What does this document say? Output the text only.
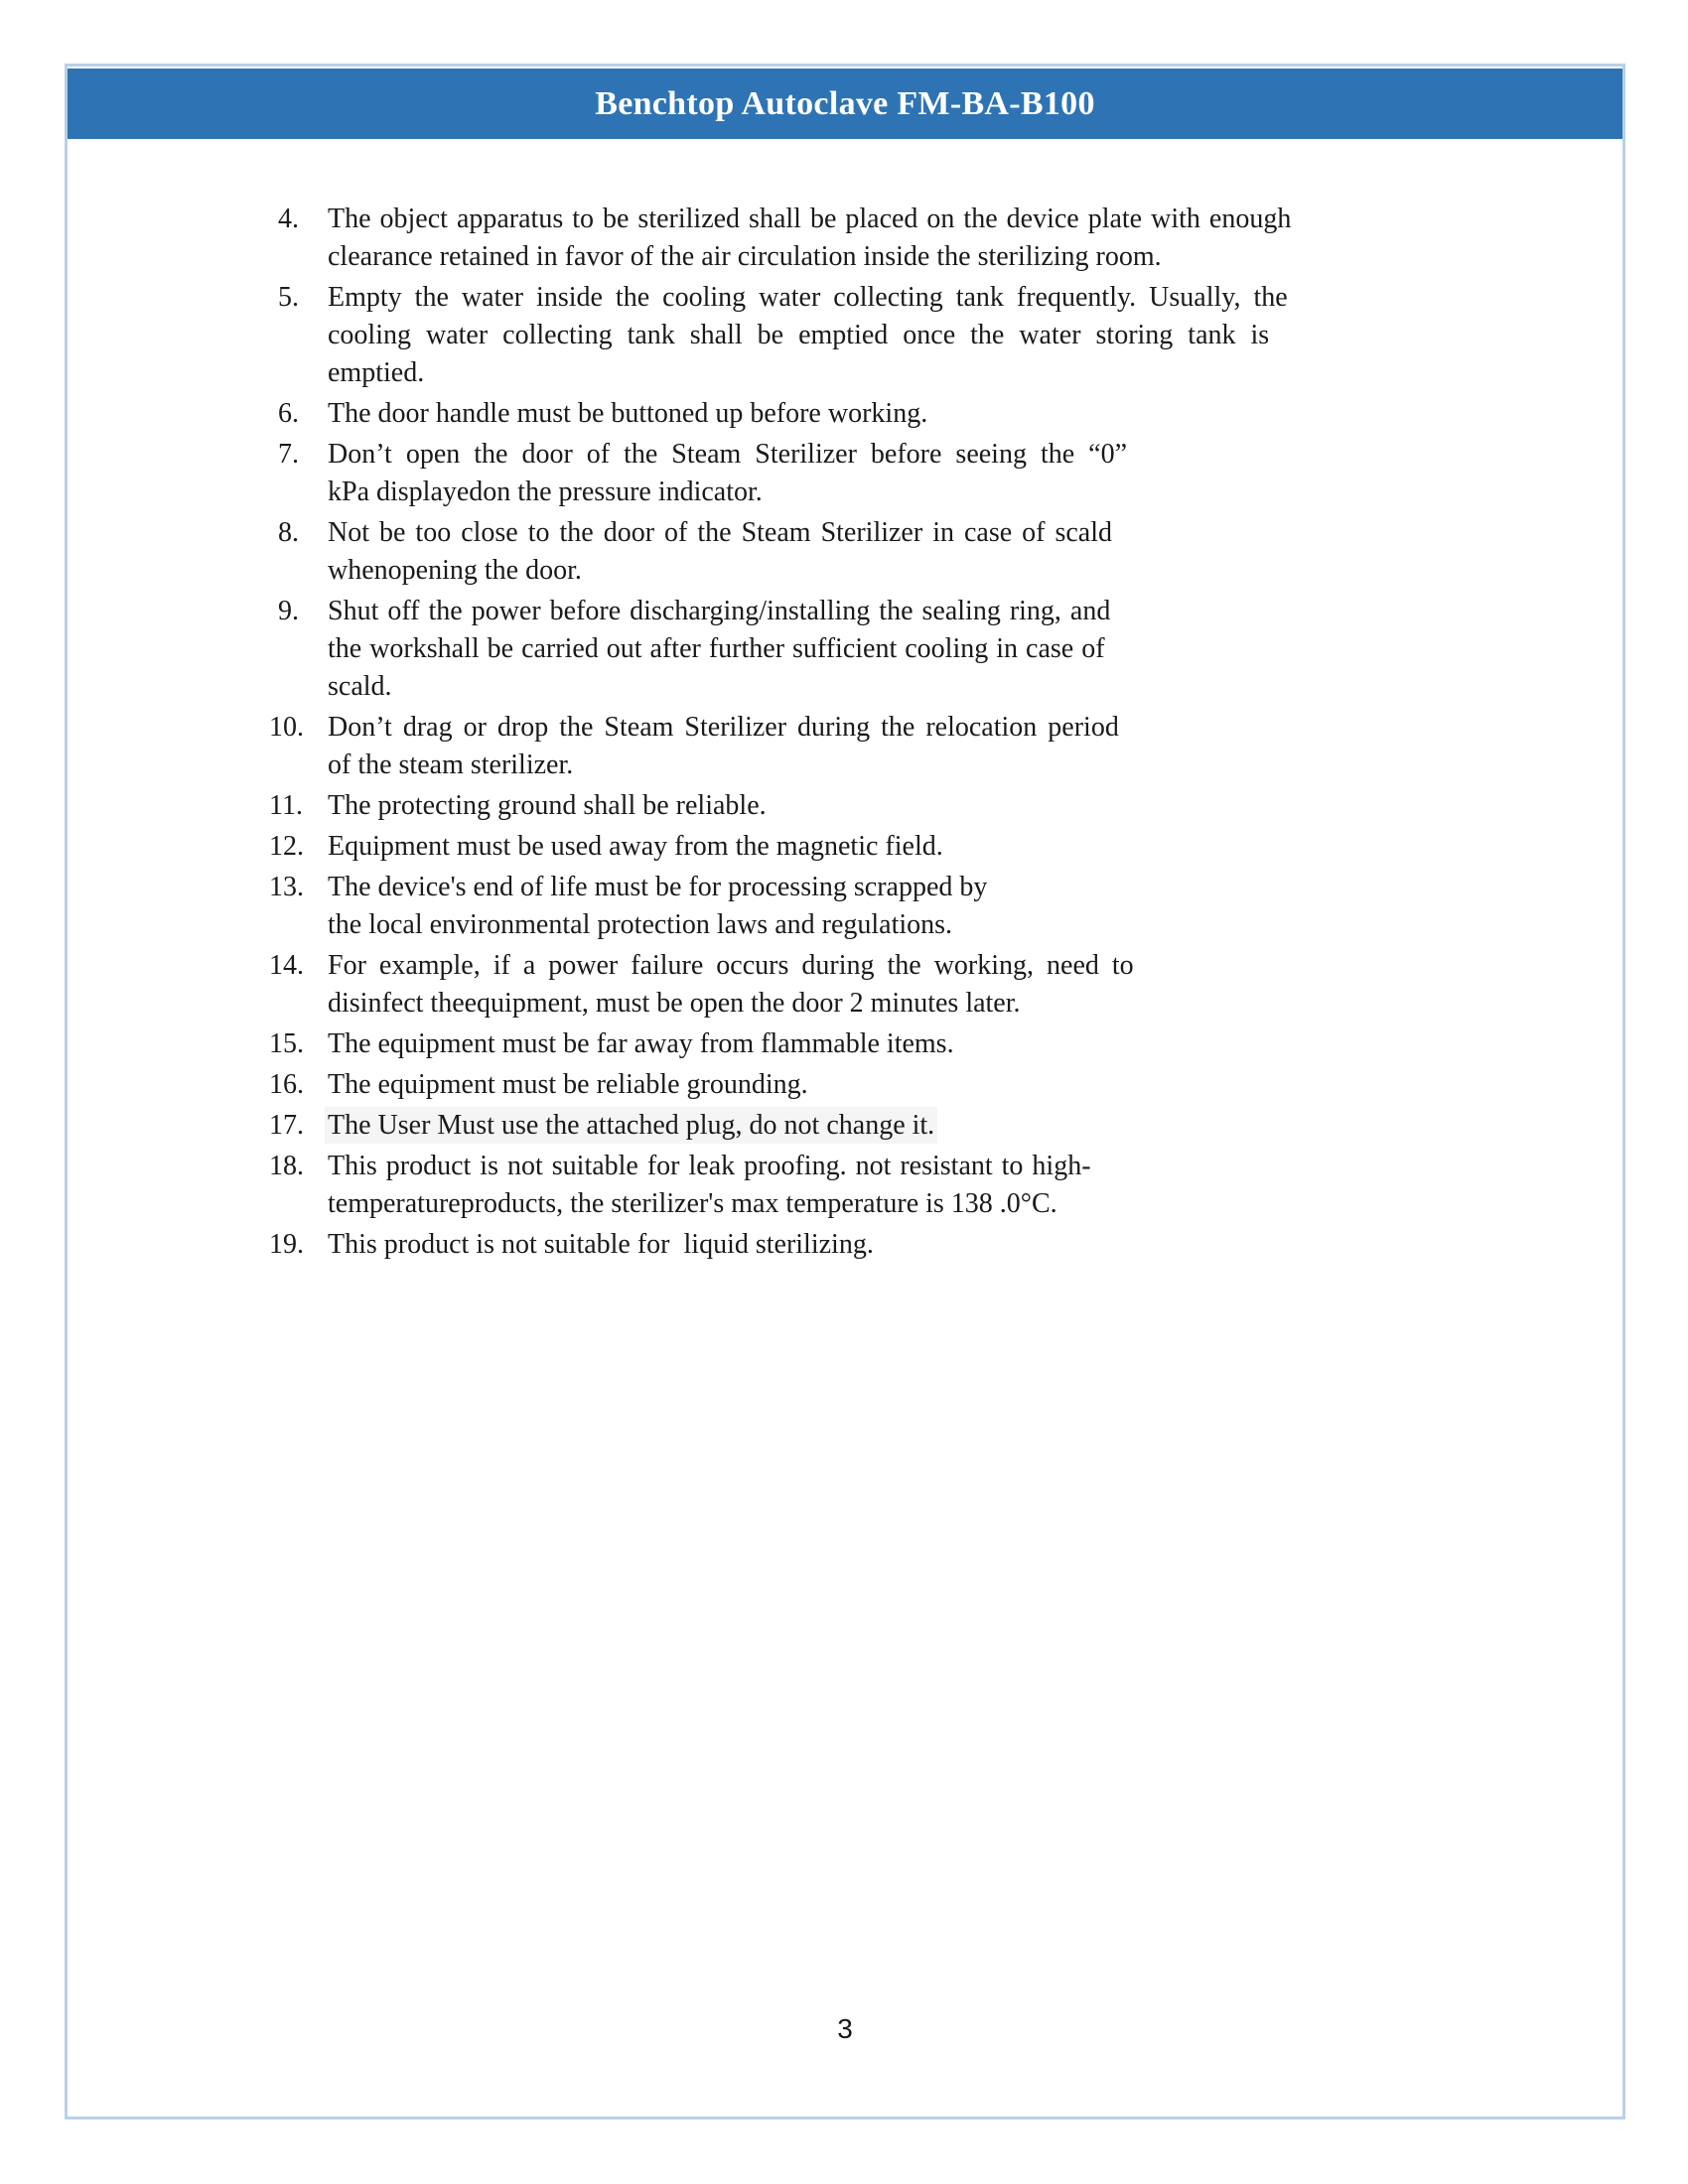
Benchtop Autoclave FM-BA-B100
4.	The object apparatus to be sterilized shall be placed on the device plate with enough
clearance retained in favor of the air circulation inside the sterilizing room.
5.	Empty the water inside the cooling water collecting tank frequently. Usually, the
cooling water collecting tank shall be emptied once the water storing tank is
emptied.
6.	The door handle must be buttoned up before working.
7.	Don’t open the door of the Steam Sterilizer before seeing the “0”
kPa displayedon the pressure indicator.
8.	Not be too close to the door of the Steam Sterilizer in case of scald
whenopening the door.
9.	Shut off the power before discharging/installing the sealing ring, and
the workshall be carried out after further sufficient cooling in case of
scald.
10. Don’t drag or drop the Steam Sterilizer during the relocation period
of the steam sterilizer.
11. The protecting ground shall be reliable.
12. Equipment must be used away from the magnetic field.
13. The device's end of life must be for processing scrapped by
the local environmental protection laws and regulations.
14. For example, if a power failure occurs during the working, need to
disinfect theequipment, must be open the door 2 minutes later.
15. The equipment must be far away from flammable items.
16. The equipment must be reliable grounding.
17. The User Must use the attached plug, do not change it.
18. This product is not suitable for leak proofing. not resistant to high-
temperatureproducts, the sterilizer's max temperature is 138 .0°C.
19. This product is not suitable for  liquid sterilizing.
3
